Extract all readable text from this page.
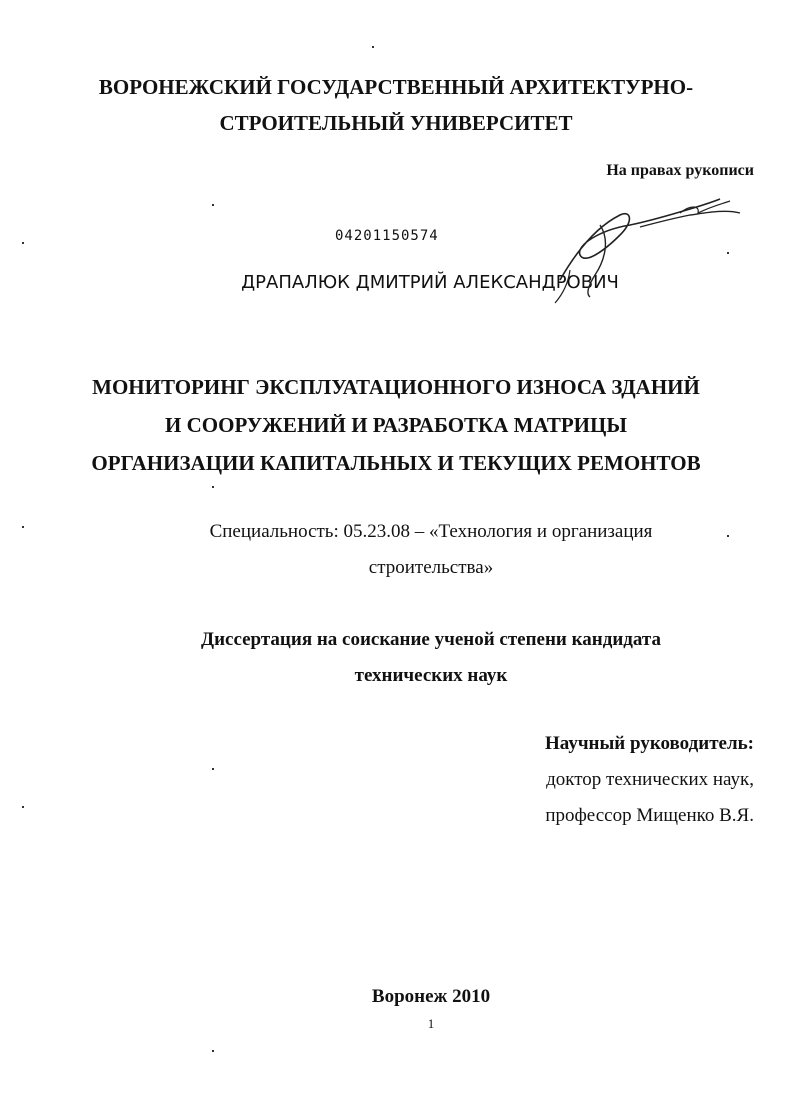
ВОРОНЕЖСКИЙ ГОСУДАРСТВЕННЫЙ АРХИТЕКТУРНО-
СТРОИТЕЛЬНЫЙ УНИВЕРСИТЕТ
На правах рукописи
04201150574
ДРАПАЛЮК ДМИТРИЙ АЛЕКСАНДРОВИЧ
МОНИТОРИНГ ЭКСПЛУАТАЦИОННОГО ИЗНОСА ЗДАНИЙ
И СООРУЖЕНИЙ И РАЗРАБОТКА МАТРИЦЫ
ОРГАНИЗАЦИИ КАПИТАЛЬНЫХ И ТЕКУЩИХ РЕМОНТОВ
Специальность: 05.23.08 – «Технология и организация
строительства»
Диссертация на соискание ученой степени кандидата
технических наук
Научный руководитель:
доктор технических наук,
профессор Мищенко В.Я.
Воронеж 2010
1
